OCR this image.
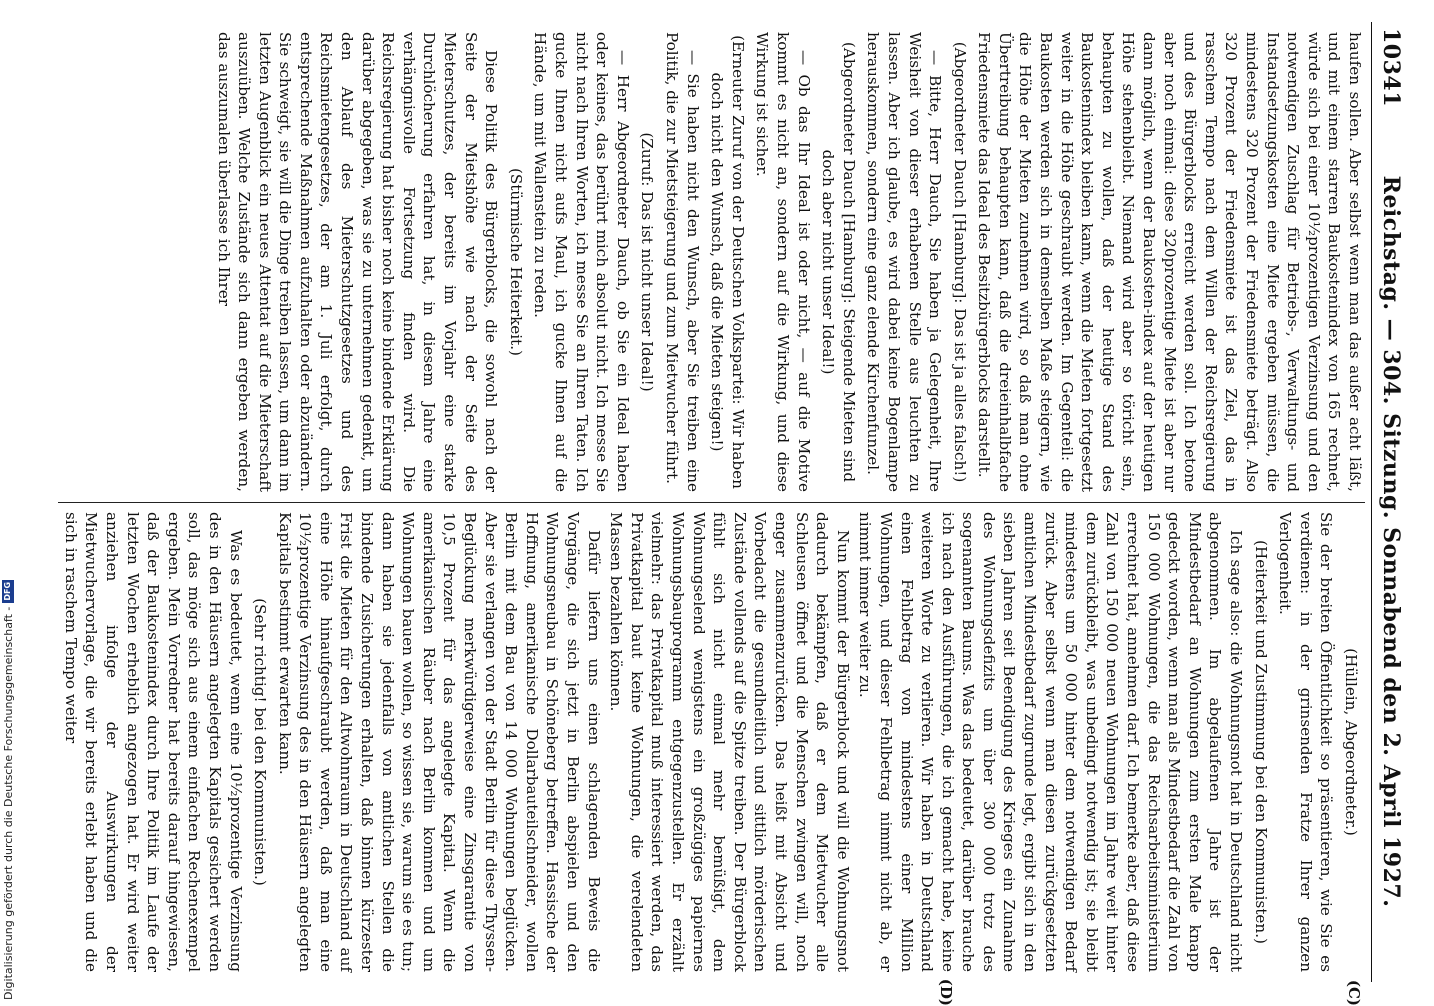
10341
Reichstag. — 304. Sitzung. Sonnabend den 2. April 1927.
(C)
(D)

haufen sollen. Aber selbst wenn man das außer acht läßt, und mit einem starren Baukostenindex von 165 rechnet, würde sich bei einer 10⅟₂prozentigen Verzinsung und den notwendigen Zuschlag für Betriebs-, Verwaltungs- und Instandsetzungskosten eine Miete ergeben müssen, die mindestens 320 Prozent der Friedensmiete beträgt. Also 320 Prozent der Friedensmiete ist das Ziel, das in rasschem Tempo nach dem Willen der Reichsregierung und des Bürgerblocks erreicht werden soll. Ich betone aber noch einmal: diese 320prozentige Miete ist aber nur dann möglich, wenn der Baukosten-index auf der heutigen Höhe stehenbleibt. Niemand wird aber so töricht sein, behaupten zu wollen, daß der heutige Stand des Baukostenindex bleiben kann, wenn die Mieten fortgesetzt weiter in die Höhe geschraubt werden. Im Gegenteil: die Baukosten werden sich in demselben Maße steigern, wie die Höhe der Mieten zunehmen wird, so daß man ohne Übertreibung behaupten kann, daß die dreieinhalbfache Friedensmiete das Ideal des Besitzbürgerblocks darstellt.

(Abgeordneter Dauch [Hamburg]: Das ist ja alles falsch!)

— Bitte, Herr Dauch, Sie haben ja Gelegenheit, Ihre Weisheit von dieser erhabenen Stelle aus leuchten zu lassen. Aber ich glaube, es wird dabei keine Bogenlampe herauskommen, sondern eine ganz elende Kirchenfunzel.

(Abgeordneter Dauch [Hamburg]: Steigende Mieten sind doch aber nicht unser Ideal!)

— Ob das Ihr Ideal ist oder nicht, — auf die Motive kommt es nicht an, sondern auf die Wirkung, und diese Wirkung ist sicher.

(Erneuter Zuruf von der Deutschen Volkspartei: Wir haben doch nicht den Wunsch, daß die Mieten steigen!)

— Sie haben nicht den Wunsch, aber Sie treiben eine Politik, die zur Mietsteigerung und zum Mietwucher führt.

(Zuruf: Das ist nicht unser Ideal!)

— Herr Abgeordneter Dauch, ob Sie ein Ideal haben oder keines, das berührt mich absolut nicht. Ich messe Sie nicht nach Ihren Worten, ich messe Sie an Ihren Taten. Ich gucke Ihnen nicht aufs Maul, ich gucke Ihnen auf die Hände, um mit Wallenstein zu reden.

(Stürmische Heiterkeit.)

Diese Politik des Bürgerblocks, die sowohl nach der Seite der Mietshöhe wie nach der Seite des Mieterschutzes, der bereits im Vorjahr eine starke Durchlöcherung erfahren hat, in diesem Jahre eine verhängnisvolle Fortsetzung finden wird. Die Reichsregierung hat bisher noch keine bindende Erklärung darüber abgegeben, was sie zu unternehmen gedenkt, um den Ablauf des Mieterschutzgesetzes und des Reichsmietengesetzes, der am 1. Juli erfolgt, durch entsprechende Maßnahmen aufzuhalten oder abzuändern. Sie schweigt, sie will die Dinge treiben lassen, um dann im letzten Augenblick ein neues Attentat auf die Mieterschaft auszuüben. Welche Zustände sich dann ergeben werden, das auszumalen überlasse ich Ihrer

(Hüllein, Abgeordneter.)

Sie der breiten Öffentlichkeit so präsentieren, wie Sie es verdienen: in der grinsenden Fratze Ihrer ganzen Verlogenheit.

(Heiterkeit und Zustimmung bei den Kommunisten.)

Ich sage also: die Wohnungsnot hat in Deutschland nicht abgenommen. Im abgelaufenen Jahre ist der Mindestbedarf an Wohnungen zum ersten Male knapp gedeckt worden, wenn man als Mindestbedarf die Zahl von 150 000 Wohnungen, die das Reichsarbeitsministerium errechnet hat, annehmen darf. Ich bemerke aber, daß diese Zahl von 150 000 neuen Wohnungen im Jahre weit hinter dem zurückbleibt, was unbedingt notwendig ist; sie bleibt mindestens um 50 000 hinter dem notwendigen Bedarf zurück. Aber selbst wenn man diesen zurückgesetzten amtlichen Mindestbedarf zugrunde legt, ergibt sich in den sieben Jahren seit Beendigung des Krieges ein Zunahme des Wohnungsdefizits um über 300 000 trotz des sogenannten Baums. Was das bedeutet, darüber brauche ich nach den Ausführungen, die ich gemacht habe, keine weiteren Worte zu verlieren. Wir haben in Deutschland einen Fehlbetrag von mindestens einer Million Wohnungen, und dieser Fehlbetrag nimmt nicht ab, er nimmt immer weiter zu.

Nun kommt der Bürgerblock und will die Wohnungsnot dadurch bekämpfen, daß er dem Mietwucher alle Schleusen öffnet und die Menschen zwingen will, noch enger zusammenzurücken. Das heißt mit Absicht und Vorbedacht die gesundheitlich und sittlich mörderischen Zustände vollends auf die Spitze treiben. Der Bürgerblock fühlt sich nicht einmal mehr bemüßigt, dem Wohnungselend wenigstens ein großzügiges papiernes Wohnungsbauprogramm entgegenzustellen. Er erzählt vielmehr: das Privatkapital muß interessiert werden, das Privatkapital baut keine Wohnungen, die verelendeten Massen bezahlen können.

Dafür liefern uns einen schlagenden Beweis die Vorgänge, die sich jetzt in Berlin abspielen und den Wohnungsneubau in Schöneberg betreffen. Hassische der Hoffnung, amerikanische Dollarbauteilschneider, wollen Berlin mit dem Bau von 14 000 Wohnungen beglücken. Aber sie verlangen von der Stadt Berlin für diese Thyssen-Beglückung merkwürdigerweise eine Zinsgarantie von 10,5 Prozent für das angelegte Kapital. Wenn die amerikanischen Räuber nach Berlin kommen und um Wohnungen bauen wollen, so wissen sie, warum sie es tun; dann haben sie jedenfalls von amtlichen Stellen die bindende Zusicherungen erhalten, daß binnen kürzester Frist die Mieten für den Altwohnraum in Deutschland auf eine Höhe hinaufgeschraubt werden, daß man eine 10⅟₂prozentige Verzinsung des in den Häusern angelegten Kapitals bestimmt erwarten kann.

(Sehr richtig! bei den Kommunisten.)

Was es bedeutet, wenn eine 10⅟₂prozentige Verzinsung des in den Häusern angelegten Kapitals gesichert werden soll, das möge sich aus einem einfachen Rechenexempel ergeben. Mein Vorredner hat bereits darauf hingewiesen, daß der Baukostenindex durch Ihre Politik im Laufe der letzten Wochen erheblich angezogen hat. Er wird weiter anziehen infolge der Auswirkungen der Mietwuchervorlage, die wir bereits erlebt haben und die sich in raschem Tempo weiter

Digitalisierung gefördert durch die Deutsche Forschungsgemeinschaft -
DFG
